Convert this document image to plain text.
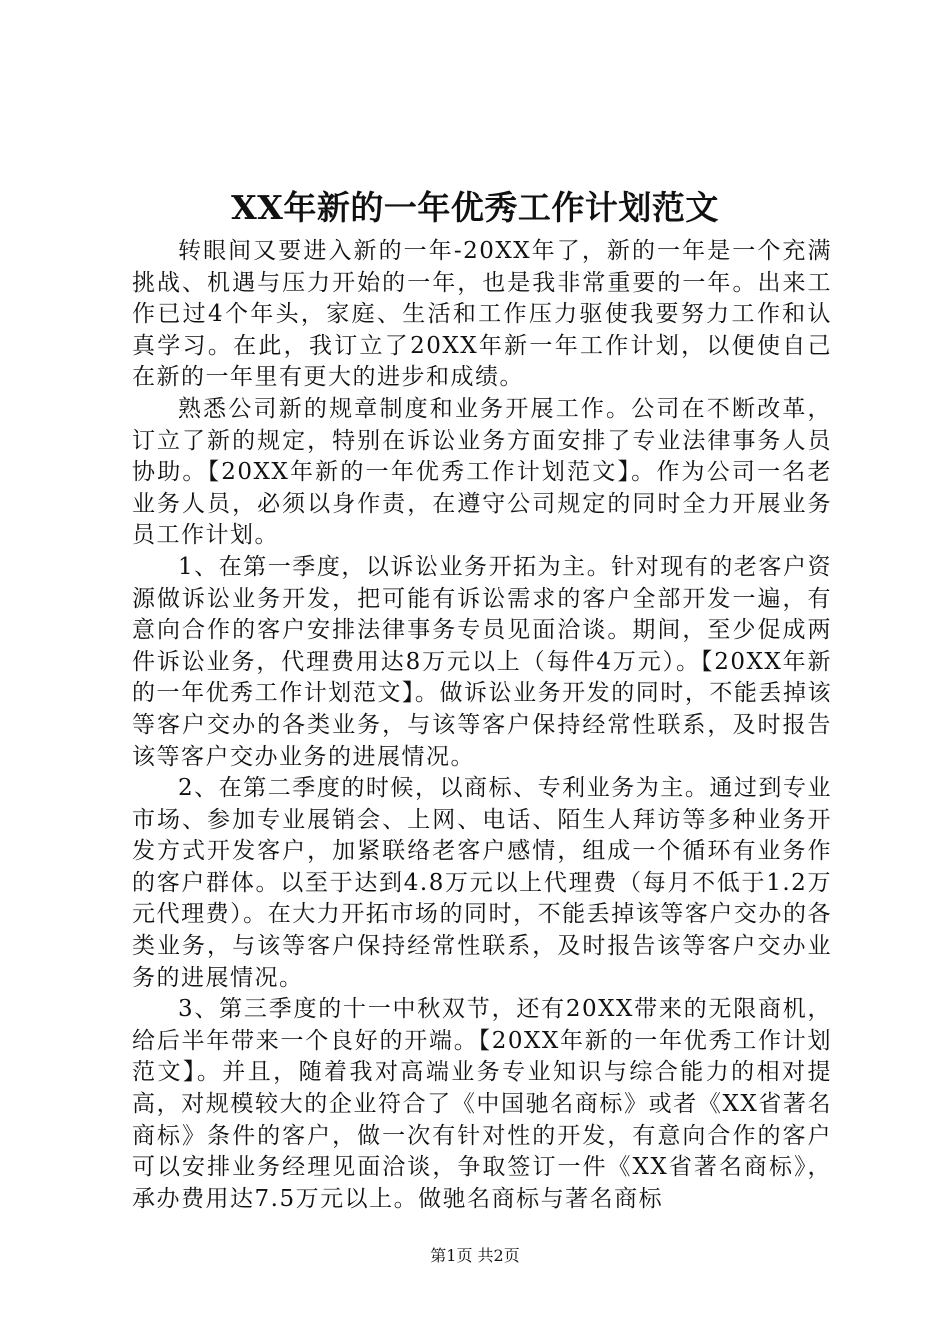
XX年新的一年优秀工作计划范文

转眼间又要进入新的一年-20XX年了，新的一年是一个充满挑战、机遇与压力开始的一年，也是我非常重要的一年。出来工作已过4个年头，家庭、生活和工作压力驱使我要努力工作和认真学习。在此，我订立了20XX年新一年工作计划，以便使自己在新的一年里有更大的进步和成绩。

熟悉公司新的规章制度和业务开展工作。公司在不断改革，订立了新的规定，特别在诉讼业务方面安排了专业法律事务人员协助。【20XX年新的一年优秀工作计划范文】。作为公司一名老业务人员，必须以身作责，在遵守公司规定的同时全力开展业务员工作计划。

1、在第一季度，以诉讼业务开拓为主。针对现有的老客户资源做诉讼业务开发，把可能有诉讼需求的客户全部开发一遍，有意向合作的客户安排法律事务专员见面洽谈。期间，至少促成两件诉讼业务，代理费用达8万元以上（每件4万元）。【20XX年新的一年优秀工作计划范文】。做诉讼业务开发的同时，不能丢掉该等客户交办的各类业务，与该等客户保持经常性联系，及时报告该等客户交办业务的进展情况。

2、在第二季度的时候，以商标、专利业务为主。通过到专业市场、参加专业展销会、上网、电话、陌生人拜访等多种业务开发方式开发客户，加紧联络老客户感情，组成一个循环有业务作的客户群体。以至于达到4.8万元以上代理费（每月不低于1.2万元代理费）。在大力开拓市场的同时，不能丢掉该等客户交办的各类业务，与该等客户保持经常性联系，及时报告该等客户交办业务的进展情况。

3、第三季度的十一中秋双节，还有20XX带来的无限商机，给后半年带来一个良好的开端。【20XX年新的一年优秀工作计划范文】。并且，随着我对高端业务专业知识与综合能力的相对提高，对规模较大的企业符合了《中国驰名商标》或者《XX省著名商标》条件的客户，做一次有针对性的开发，有意向合作的客户可以安排业务经理见面洽谈，争取签订一件《XX省著名商标》，承办费用达7.5万元以上。做驰名商标与著名商标

第1页 共2页
